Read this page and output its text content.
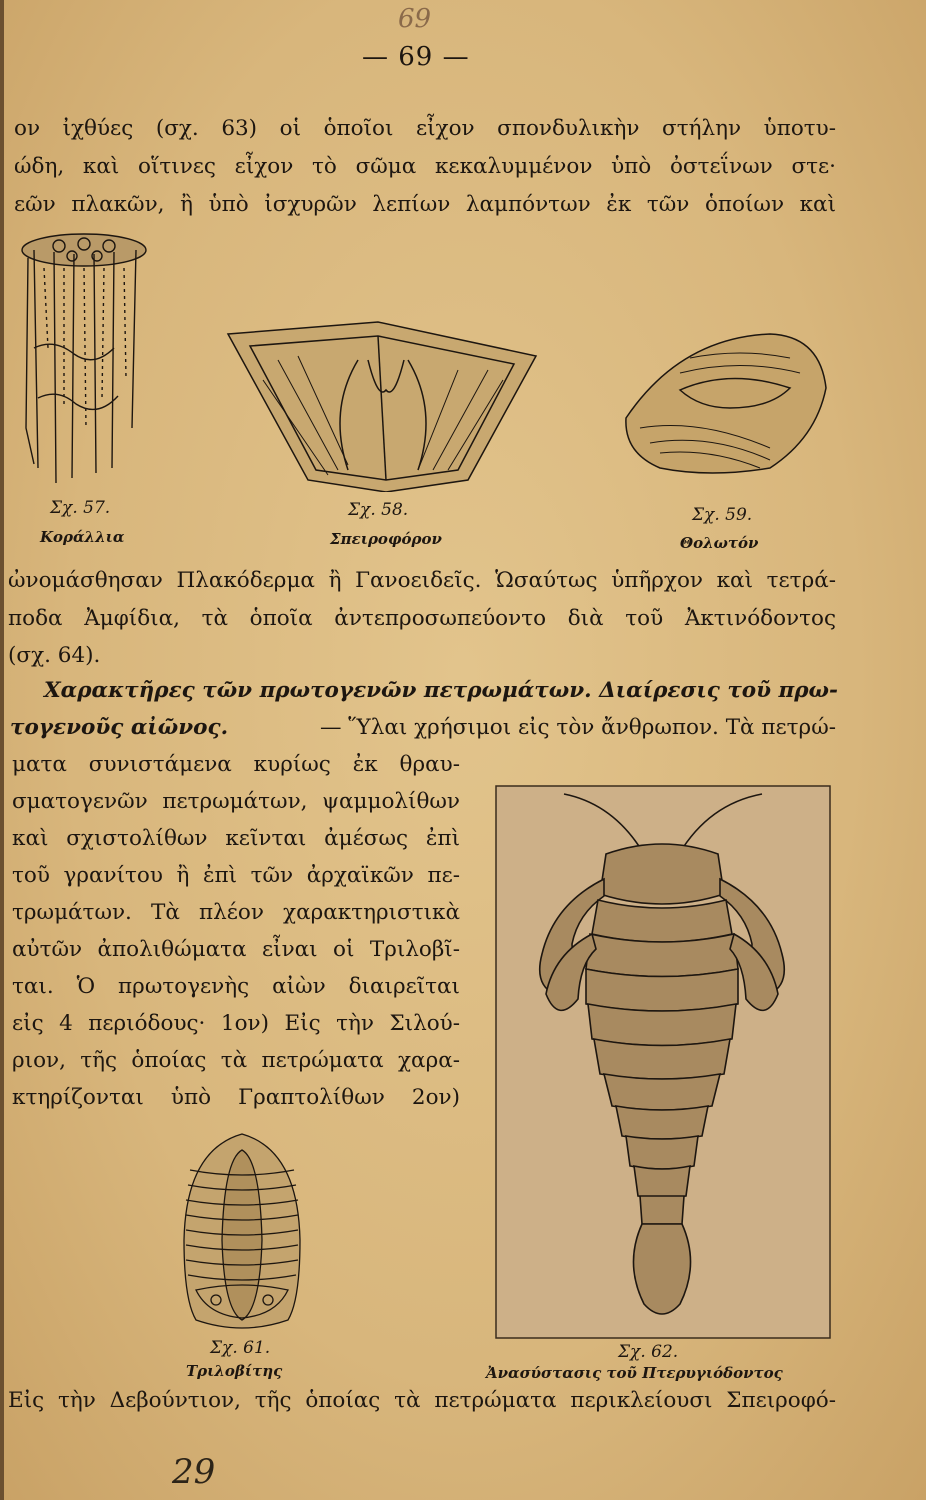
69
— 69 —
ον ἰχθύες (σχ. 63) οἱ ὁποῖοι εἶχον σπονδυλικὴν στήλην ὑποτυ-
ώδη, καὶ οἵτινες εἶχον τὸ σῶμα κεκαλυμμένον ὑπὸ ὀστεΐνων στε·
εῶν πλακῶν, ἢ ὑπὸ ἰσχυρῶν λεπίων λαμπόντων ἐκ τῶν ὁποίων καὶ
Σχ. 57.
Κοράλλια
Σχ. 58.
Σπειροφόρον
Σχ. 59.
Θολωτόν
ὠνομάσθησαν Πλακόδερμα ἢ Γανοειδεῖς. Ὡσαύτως ὑπῆρχον καὶ τετρά-
ποδα Ἀμφίδια, τὰ ὁποῖα ἀντεπροσωπεύοντο διὰ τοῦ Ἀκτινόδοντος
(σχ. 64).
Χαρακτῆρες τῶν πρωτογενῶν πετρωμάτων. Διαίρεσις τοῦ πρω-
τογενοῦς αἰῶνος.	— Ὕλαι χρήσιμοι εἰς τὸν ἄνθρωπον. Τὰ πετρώ-
ματα συνιστάμενα κυρίως ἐκ θραυ-
σματογενῶν πετρωμάτων, ψαμμολίθων
καὶ σχιστολίθων κεῖνται ἀμέσως ἐπὶ
τοῦ γρανίτου ἢ ἐπὶ τῶν ἀρχαϊκῶν πε-
τρωμάτων. Τὰ πλέον χαρακτηριστικὰ
αὐτῶν ἀπολιθώματα εἶναι οἱ Τριλοβῖ-
ται. Ὁ πρωτογενὴς αἰὼν διαιρεῖται
εἰς 4 περιόδους· 1ον) Εἰς τὴν Σιλού-
ριον, τῆς ὁποίας τὰ πετρώματα χαρα-
κτηρίζονται ὑπὸ Γραπτολίθων 2ον)
Σχ. 61.
Τριλοβίτης
Σχ. 62.
Ἀνασύστασις τοῦ Πτερυγιόδοντος
Εἰς τὴν Δεβούντιον, τῆς ὁποίας τὰ πετρώματα περικλείουσι Σπειροφό-
29
